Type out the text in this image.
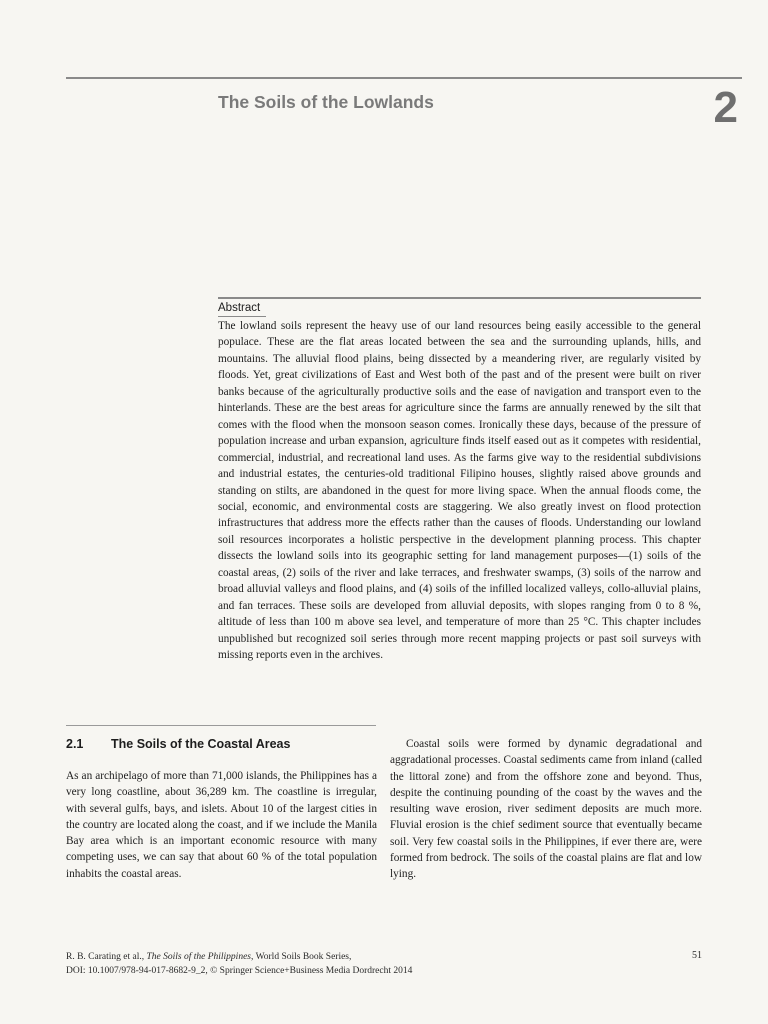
The Soils of the Lowlands	2
Abstract

The lowland soils represent the heavy use of our land resources being easily accessible to the general populace. These are the flat areas located between the sea and the surrounding uplands, hills, and mountains. The alluvial flood plains, being dissected by a meandering river, are regularly visited by floods. Yet, great civilizations of East and West both of the past and of the present were built on river banks because of the agriculturally productive soils and the ease of navigation and transport even to the hinterlands. These are the best areas for agriculture since the farms are annually renewed by the silt that comes with the flood when the monsoon season comes. Ironically these days, because of the pressure of population increase and urban expansion, agriculture finds itself eased out as it competes with residential, commercial, industrial, and recreational land uses. As the farms give way to the residential subdivisions and industrial estates, the centuries-old traditional Filipino houses, slightly raised above grounds and standing on stilts, are abandoned in the quest for more living space. When the annual floods come, the social, economic, and environmental costs are staggering. We also greatly invest on flood protection infrastructures that address more the effects rather than the causes of floods. Understanding our lowland soil resources incorporates a holistic perspective in the development planning process. This chapter dissects the lowland soils into its geographic setting for land management purposes—(1) soils of the coastal areas, (2) soils of the river and lake terraces, and freshwater swamps, (3) soils of the narrow and broad alluvial valleys and flood plains, and (4) soils of the infilled localized valleys, collo-alluvial plains, and fan terraces. These soils are developed from alluvial deposits, with slopes ranging from 0 to 8 %, altitude of less than 100 m above sea level, and temperature of more than 25 °C. This chapter includes unpublished but recognized soil series through more recent mapping projects or past soil surveys with missing reports even in the archives.

2.1	The Soils of the Coastal Areas

As an archipelago of more than 71,000 islands, the Philippines has a very long coastline, about 36,289 km. The coastline is irregular, with several gulfs, bays, and islets. About 10 of the largest cities in the country are located along the coast, and if we include the Manila Bay area which is an important economic resource with many competing uses, we can say that about 60 % of the total population inhabits the coastal areas.

Coastal soils were formed by dynamic degradational and aggradational processes. Coastal sediments came from inland (called the littoral zone) and from the offshore zone and beyond. Thus, despite the continuing pounding of the coast by the waves and the resulting wave erosion, river sediment deposits are much more. Fluvial erosion is the chief sediment source that eventually became soil. Very few coastal soils in the Philippines, if ever there are, were formed from bedrock. The soils of the coastal plains are flat and low lying.

R. B. Carating et al., The Soils of the Philippines, World Soils Book Series,
DOI: 10.1007/978-94-017-8682-9_2, © Springer Science+Business Media Dordrecht 2014
51
